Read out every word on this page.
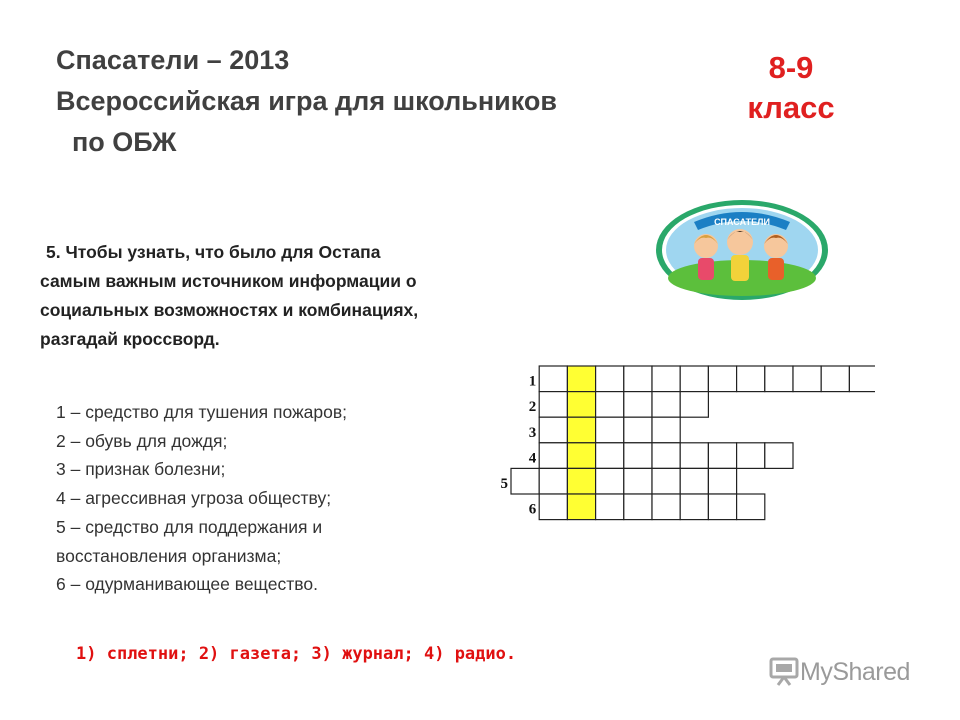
Спасатели – 2013
Всероссийская игра для школьников
по ОБЖ
8-9
класс
СПАСАТЕЛИ
5. Чтобы узнать, что было для Остапа
самым важным источником информации о
социальных возможностях и комбинациях,
разгадай кроссворд.
1
2
3
4
5
6
1 – средство для тушения пожаров;
2 – обувь для дождя;
3 – признак болезни;
4 – агрессивная угроза обществу;
5 – средство для поддержания и
восстановления организма;
6 – одурманивающее вещество.
1) сплетни; 2) газета; 3) журнал; 4) радио.
MyShared
